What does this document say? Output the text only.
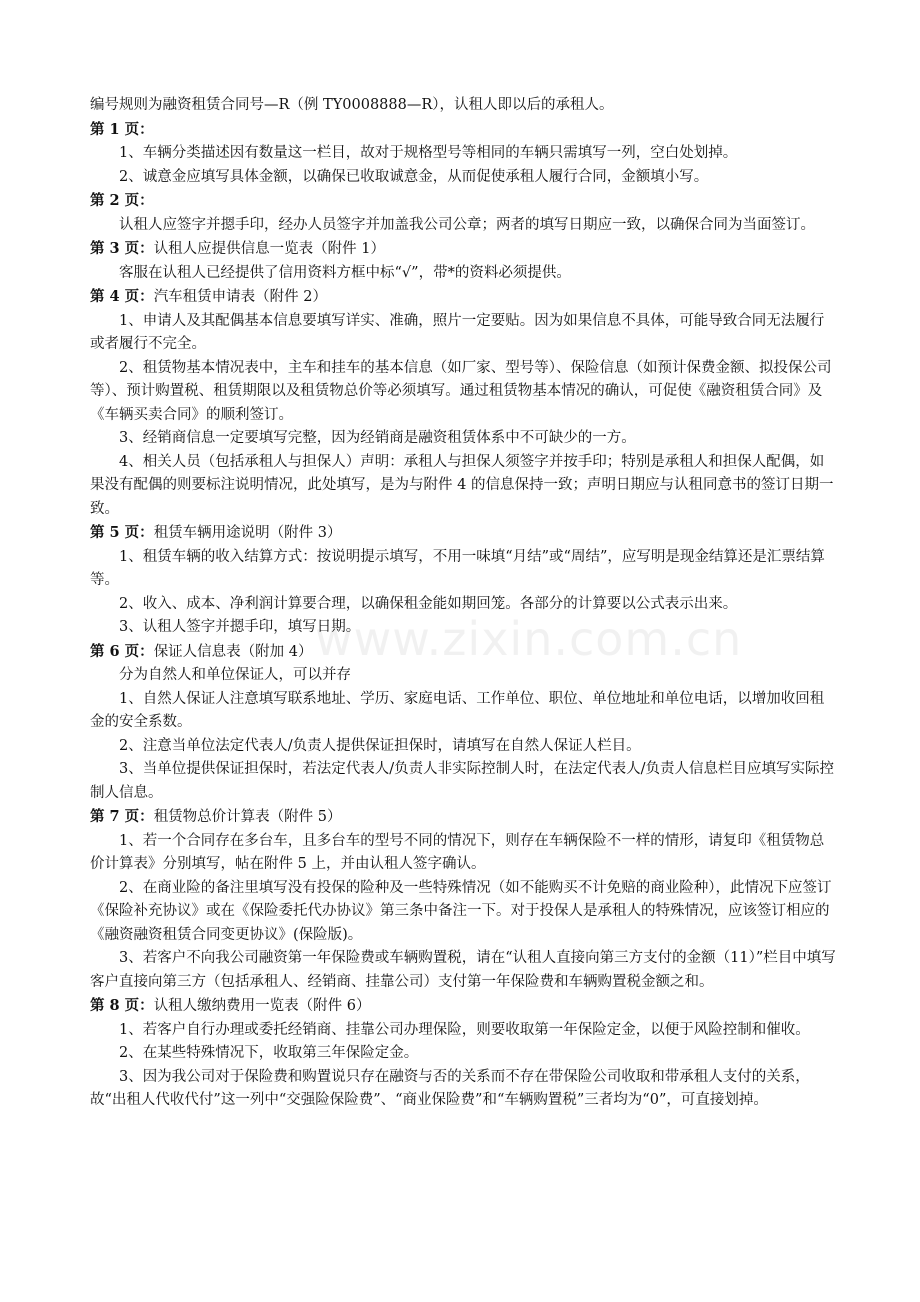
www.zixin.com.cn

编号规则为融资租赁合同号—R（例 TY0008888—R），认租人即以后的承租人。

第 1 页：

1、车辆分类描述因有数量这一栏目，故对于规格型号等相同的车辆只需填写一列，空白处划掉。

2、诚意金应填写具体金额，以确保已收取诚意金，从而促使承租人履行合同，金额填小写。

第 2 页：

认租人应签字并摁手印，经办人员签字并加盖我公司公章；两者的填写日期应一致，以确保合同为当面签订。

第 3 页：认租人应提供信息一览表（附件 1）

客服在认租人已经提供了信用资料方框中标“√”，带*的资料必须提供。

第 4 页：汽车租赁申请表（附件 2）

1、申请人及其配偶基本信息要填写详实、准确，照片一定要贴。因为如果信息不具体，可能导致合同无法履行或者履行不完全。

2、租赁物基本情况表中，主车和挂车的基本信息（如厂家、型号等）、保险信息（如预计保费金额、拟投保公司等）、预计购置税、租赁期限以及租赁物总价等必须填写。通过租赁物基本情况的确认，可促使《融资租赁合同》及《车辆买卖合同》的顺利签订。

3、经销商信息一定要填写完整，因为经销商是融资租赁体系中不可缺少的一方。

4、相关人员（包括承租人与担保人）声明：承租人与担保人须签字并按手印；特别是承租人和担保人配偶，如果没有配偶的则要标注说明情况，此处填写，是为与附件 4 的信息保持一致；声明日期应与认租同意书的签订日期一致。

第 5 页：租赁车辆用途说明（附件 3）

1、租赁车辆的收入结算方式：按说明提示填写，不用一味填“月结”或“周结”，应写明是现金结算还是汇票结算等。

2、收入、成本、净利润计算要合理，以确保租金能如期回笼。各部分的计算要以公式表示出来。

3、认租人签字并摁手印，填写日期。

第 6 页：保证人信息表（附加 4）

分为自然人和单位保证人，可以并存

1、自然人保证人注意填写联系地址、学历、家庭电话、工作单位、职位、单位地址和单位电话，以增加收回租金的安全系数。

2、注意当单位法定代表人/负责人提供保证担保时，请填写在自然人保证人栏目。

3、当单位提供保证担保时，若法定代表人/负责人非实际控制人时，在法定代表人/负责人信息栏目应填写实际控制人信息。

第 7 页：租赁物总价计算表（附件 5）

1、若一个合同存在多台车，且多台车的型号不同的情况下，则存在车辆保险不一样的情形，请复印《租赁物总价计算表》分别填写，帖在附件 5 上，并由认租人签字确认。

2、在商业险的备注里填写没有投保的险种及一些特殊情况（如不能购买不计免赔的商业险种），此情况下应签订《保险补充协议》或在《保险委托代办协议》第三条中备注一下。对于投保人是承租人的特殊情况，应该签订相应的《融资融资租赁合同变更协议》(保险版)。

3、若客户不向我公司融资第一年保险费或车辆购置税，请在“认租人直接向第三方支付的金额（11）”栏目中填写客户直接向第三方（包括承租人、经销商、挂靠公司）支付第一年保险费和车辆购置税金额之和。

第 8 页：认租人缴纳费用一览表（附件 6）

1、若客户自行办理或委托经销商、挂靠公司办理保险，则要收取第一年保险定金，以便于风险控制和催收。

2、在某些特殊情况下，收取第三年保险定金。

3、因为我公司对于保险费和购置说只存在融资与否的关系而不存在带保险公司收取和带承租人支付的关系，故“出租人代收代付”这一列中“交强险保险费”、“商业保险费”和“车辆购置税”三者均为“0”，可直接划掉。
